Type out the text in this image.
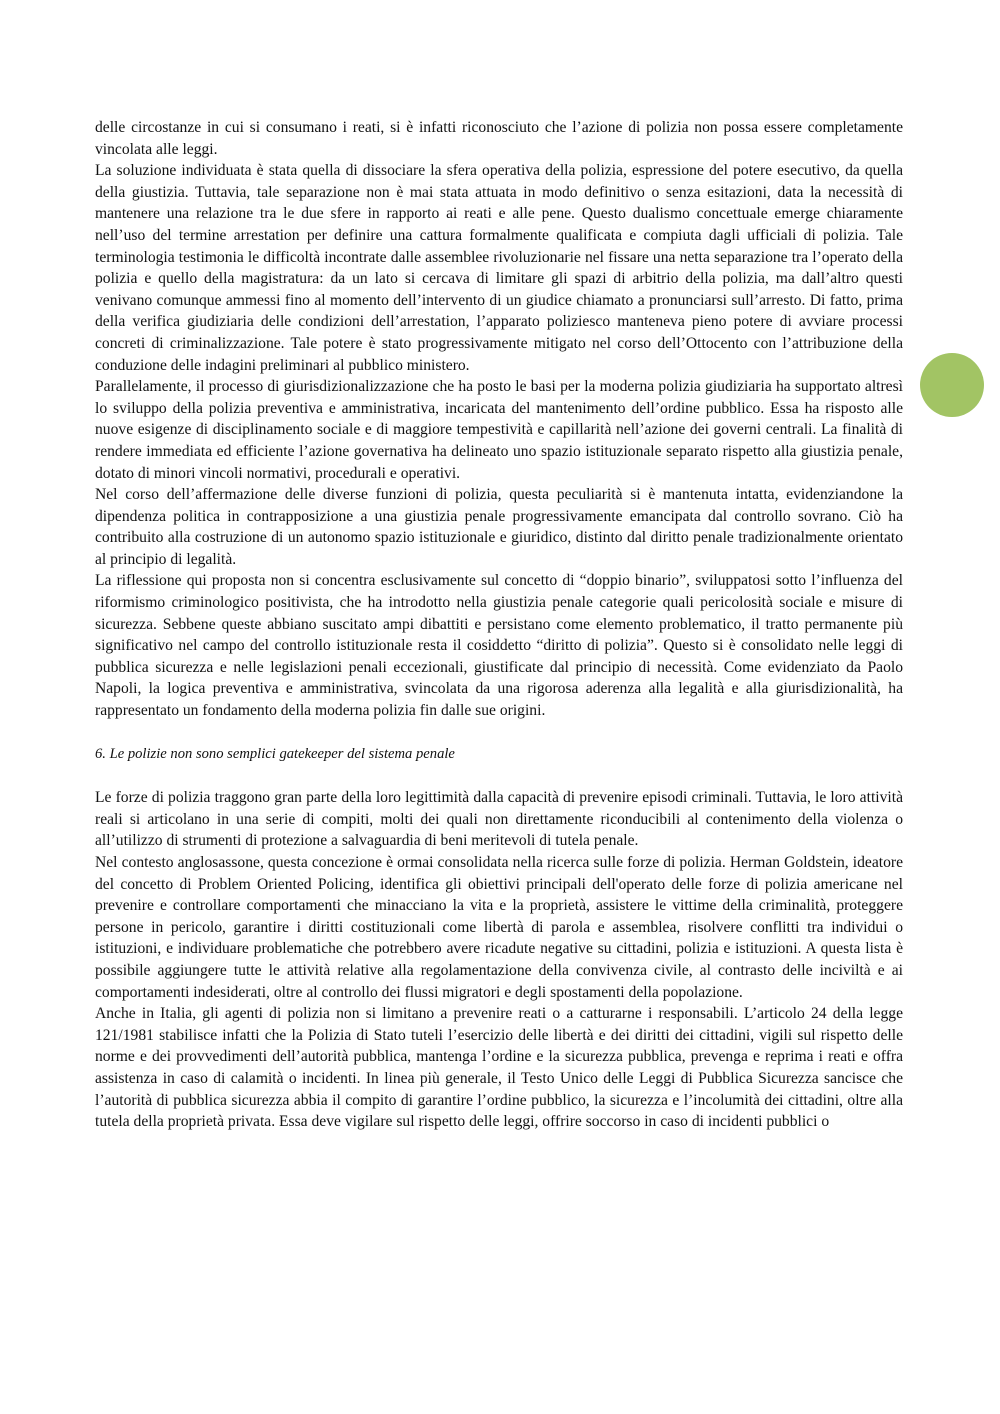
delle circostanze in cui si consumano i reati, si è infatti riconosciuto che l’azione di polizia non possa essere completamente vincolata alle leggi.

La soluzione individuata è stata quella di dissociare la sfera operativa della polizia, espressione del potere esecutivo, da quella della giustizia. Tuttavia, tale separazione non è mai stata attuata in modo definitivo o senza esitazioni, data la necessità di mantenere una relazione tra le due sfere in rapporto ai reati e alle pene. Questo dualismo concettuale emerge chiaramente nell’uso del termine arrestation per definire una cattura formalmente qualificata e compiuta dagli ufficiali di polizia. Tale terminologia testimonia le difficoltà incontrate dalle assemblee rivoluzionarie nel fissare una netta separazione tra l’operato della polizia e quello della magistratura: da un lato si cercava di limitare gli spazi di arbitrio della polizia, ma dall’altro questi venivano comunque ammessi fino al momento dell’intervento di un giudice chiamato a pronunciarsi sull’arresto. Di fatto, prima della verifica giudiziaria delle condizioni dell’arrestation, l’apparato poliziesco manteneva pieno potere di avviare processi concreti di criminalizzazione. Tale potere è stato progressivamente mitigato nel corso dell’Ottocento con l’attribuzione della conduzione delle indagini preliminari al pubblico ministero.

Parallelamente, il processo di giurisdizionalizzazione che ha posto le basi per la moderna polizia giudiziaria ha supportato altresì lo sviluppo della polizia preventiva e amministrativa, incaricata del mantenimento dell’ordine pubblico. Essa ha risposto alle nuove esigenze di disciplinamento sociale e di maggiore tempestività e capillarità nell’azione dei governi centrali. La finalità di rendere immediata ed efficiente l’azione governativa ha delineato uno spazio istituzionale separato rispetto alla giustizia penale, dotato di minori vincoli normativi, procedurali e operativi.

Nel corso dell’affermazione delle diverse funzioni di polizia, questa peculiarità si è mantenuta intatta, evidenziandone la dipendenza politica in contrapposizione a una giustizia penale progressivamente emancipata dal controllo sovrano. Ciò ha contribuito alla costruzione di un autonomo spazio istituzionale e giuridico, distinto dal diritto penale tradizionalmente orientato al principio di legalità.

La riflessione qui proposta non si concentra esclusivamente sul concetto di “doppio binario”, sviluppatosi sotto l’influenza del riformismo criminologico positivista, che ha introdotto nella giustizia penale categorie quali pericolosità sociale e misure di sicurezza. Sebbene queste abbiano suscitato ampi dibattiti e persistano come elemento problematico, il tratto permanente più significativo nel campo del controllo istituzionale resta il cosiddetto “diritto di polizia”. Questo si è consolidato nelle leggi di pubblica sicurezza e nelle legislazioni penali eccezionali, giustificate dal principio di necessità. Come evidenziato da Paolo Napoli, la logica preventiva e amministrativa, svincolata da una rigorosa aderenza alla legalità e alla giurisdizionalità, ha rappresentato un fondamento della moderna polizia fin dalle sue origini.

6. Le polizie non sono semplici gatekeeper del sistema penale

Le forze di polizia traggono gran parte della loro legittimità dalla capacità di prevenire episodi criminali. Tuttavia, le loro attività reali si articolano in una serie di compiti, molti dei quali non direttamente riconducibili al contenimento della violenza o all’utilizzo di strumenti di protezione a salvaguardia di beni meritevoli di tutela penale.

Nel contesto anglosassone, questa concezione è ormai consolidata nella ricerca sulle forze di polizia. Herman Goldstein, ideatore del concetto di Problem Oriented Policing, identifica gli obiettivi principali dell'operato delle forze di polizia americane nel prevenire e controllare comportamenti che minacciano la vita e la proprietà, assistere le vittime della criminalità, proteggere persone in pericolo, garantire i diritti costituzionali come libertà di parola e assemblea, risolvere conflitti tra individui o istituzioni, e individuare problematiche che potrebbero avere ricadute negative su cittadini, polizia e istituzioni. A questa lista è possibile aggiungere tutte le attività relative alla regolamentazione della convivenza civile, al contrasto delle inciviltà e ai comportamenti indesiderati, oltre al controllo dei flussi migratori e degli spostamenti della popolazione.

Anche in Italia, gli agenti di polizia non si limitano a prevenire reati o a catturarne i responsabili. L’articolo 24 della legge 121/1981 stabilisce infatti che la Polizia di Stato tuteli l’esercizio delle libertà e dei diritti dei cittadini, vigili sul rispetto delle norme e dei provvedimenti dell’autorità pubblica, mantenga l’ordine e la sicurezza pubblica, prevenga e reprima i reati e offra assistenza in caso di calamità o incidenti. In linea più generale, il Testo Unico delle Leggi di Pubblica Sicurezza sancisce che l’autorità di pubblica sicurezza abbia il compito di garantire l’ordine pubblico, la sicurezza e l’incolumità dei cittadini, oltre alla tutela della proprietà privata. Essa deve vigilare sul rispetto delle leggi, offrire soccorso in caso di incidenti pubblici o
